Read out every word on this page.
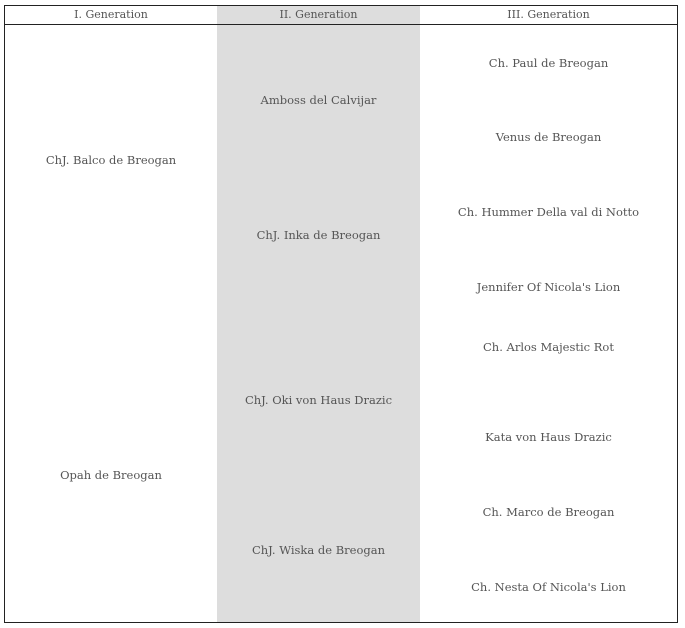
I. Generation	II. Generation	III. Generation
ChJ. Balco de Breogan
Opah de Breogan
Amboss del Calvijar
ChJ. Inka de Breogan
ChJ. Oki von Haus Drazic
ChJ. Wiska de Breogan
Ch. Paul de Breogan
Venus de Breogan
Ch. Hummer Della val di Notto
Jennifer Of Nicola's Lion
Ch. Arlos Majestic Rot
Kata von Haus Drazic
Ch. Marco de Breogan
Ch. Nesta Of Nicola's Lion
